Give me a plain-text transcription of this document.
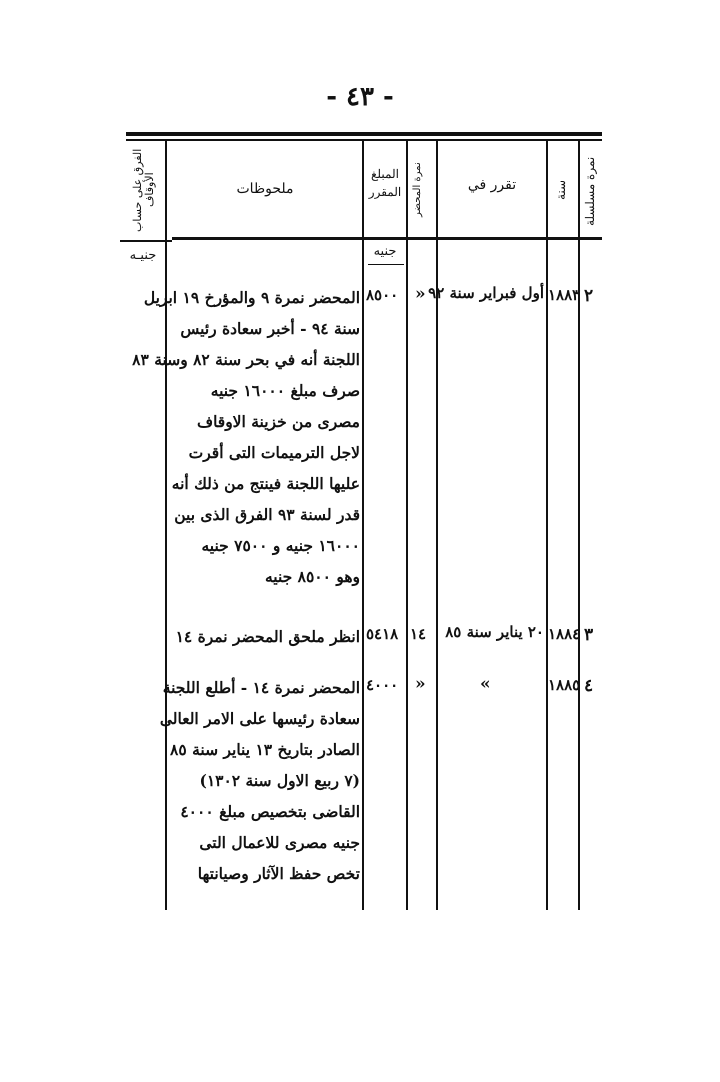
- ٤٣ -
نمرة مسلسلة
سنة
تقرر في
نمرة المحضر
المبلغ المقرر
ملحوظات
الفرق على حساب الأوقاف
جنيه
جنيـه
٢
١٨٨٣
أول فبراير سنة ٩٢
«
٨٥٠٠
المحضر نمرة ٩ والمؤرخ ١٩ ابريل
سنة ٩٤ - أخبر سعادة رئيس
اللجنة أنه في بحر سنة ٨٢ وسنة ٨٣
صرف مبلغ ١٦٠٠٠ جنيه
مصرى من خزينة الاوقاف
لاجل الترميمات التى أقرت
عليها اللجنة فينتج من ذلك أنه
قدر لسنة ٩٣ الفرق الذى بين
١٦٠٠٠ جنيه و ٧٥٠٠ جنيه
وهو ٨٥٠٠ جنيه
٣
١٨٨٤
٢٠ يناير سنة ٨٥
١٤
٥٤١٨
انظر ملحق المحضر نمرة ١٤
٤
١٨٨٥
»
«
٤٠٠٠
المحضر نمرة ١٤ - أطلع اللجنة
سعادة رئيسها على الامر العالى
الصادر بتاريخ ١٣ يناير سنة ٨٥
(٧ ربيع الاول سنة ١٣٠٢)
القاضى بتخصيص مبلغ ٤٠٠٠
جنيه مصرى للاعمال التى
تخص حفظ الآثار وصيانتها
